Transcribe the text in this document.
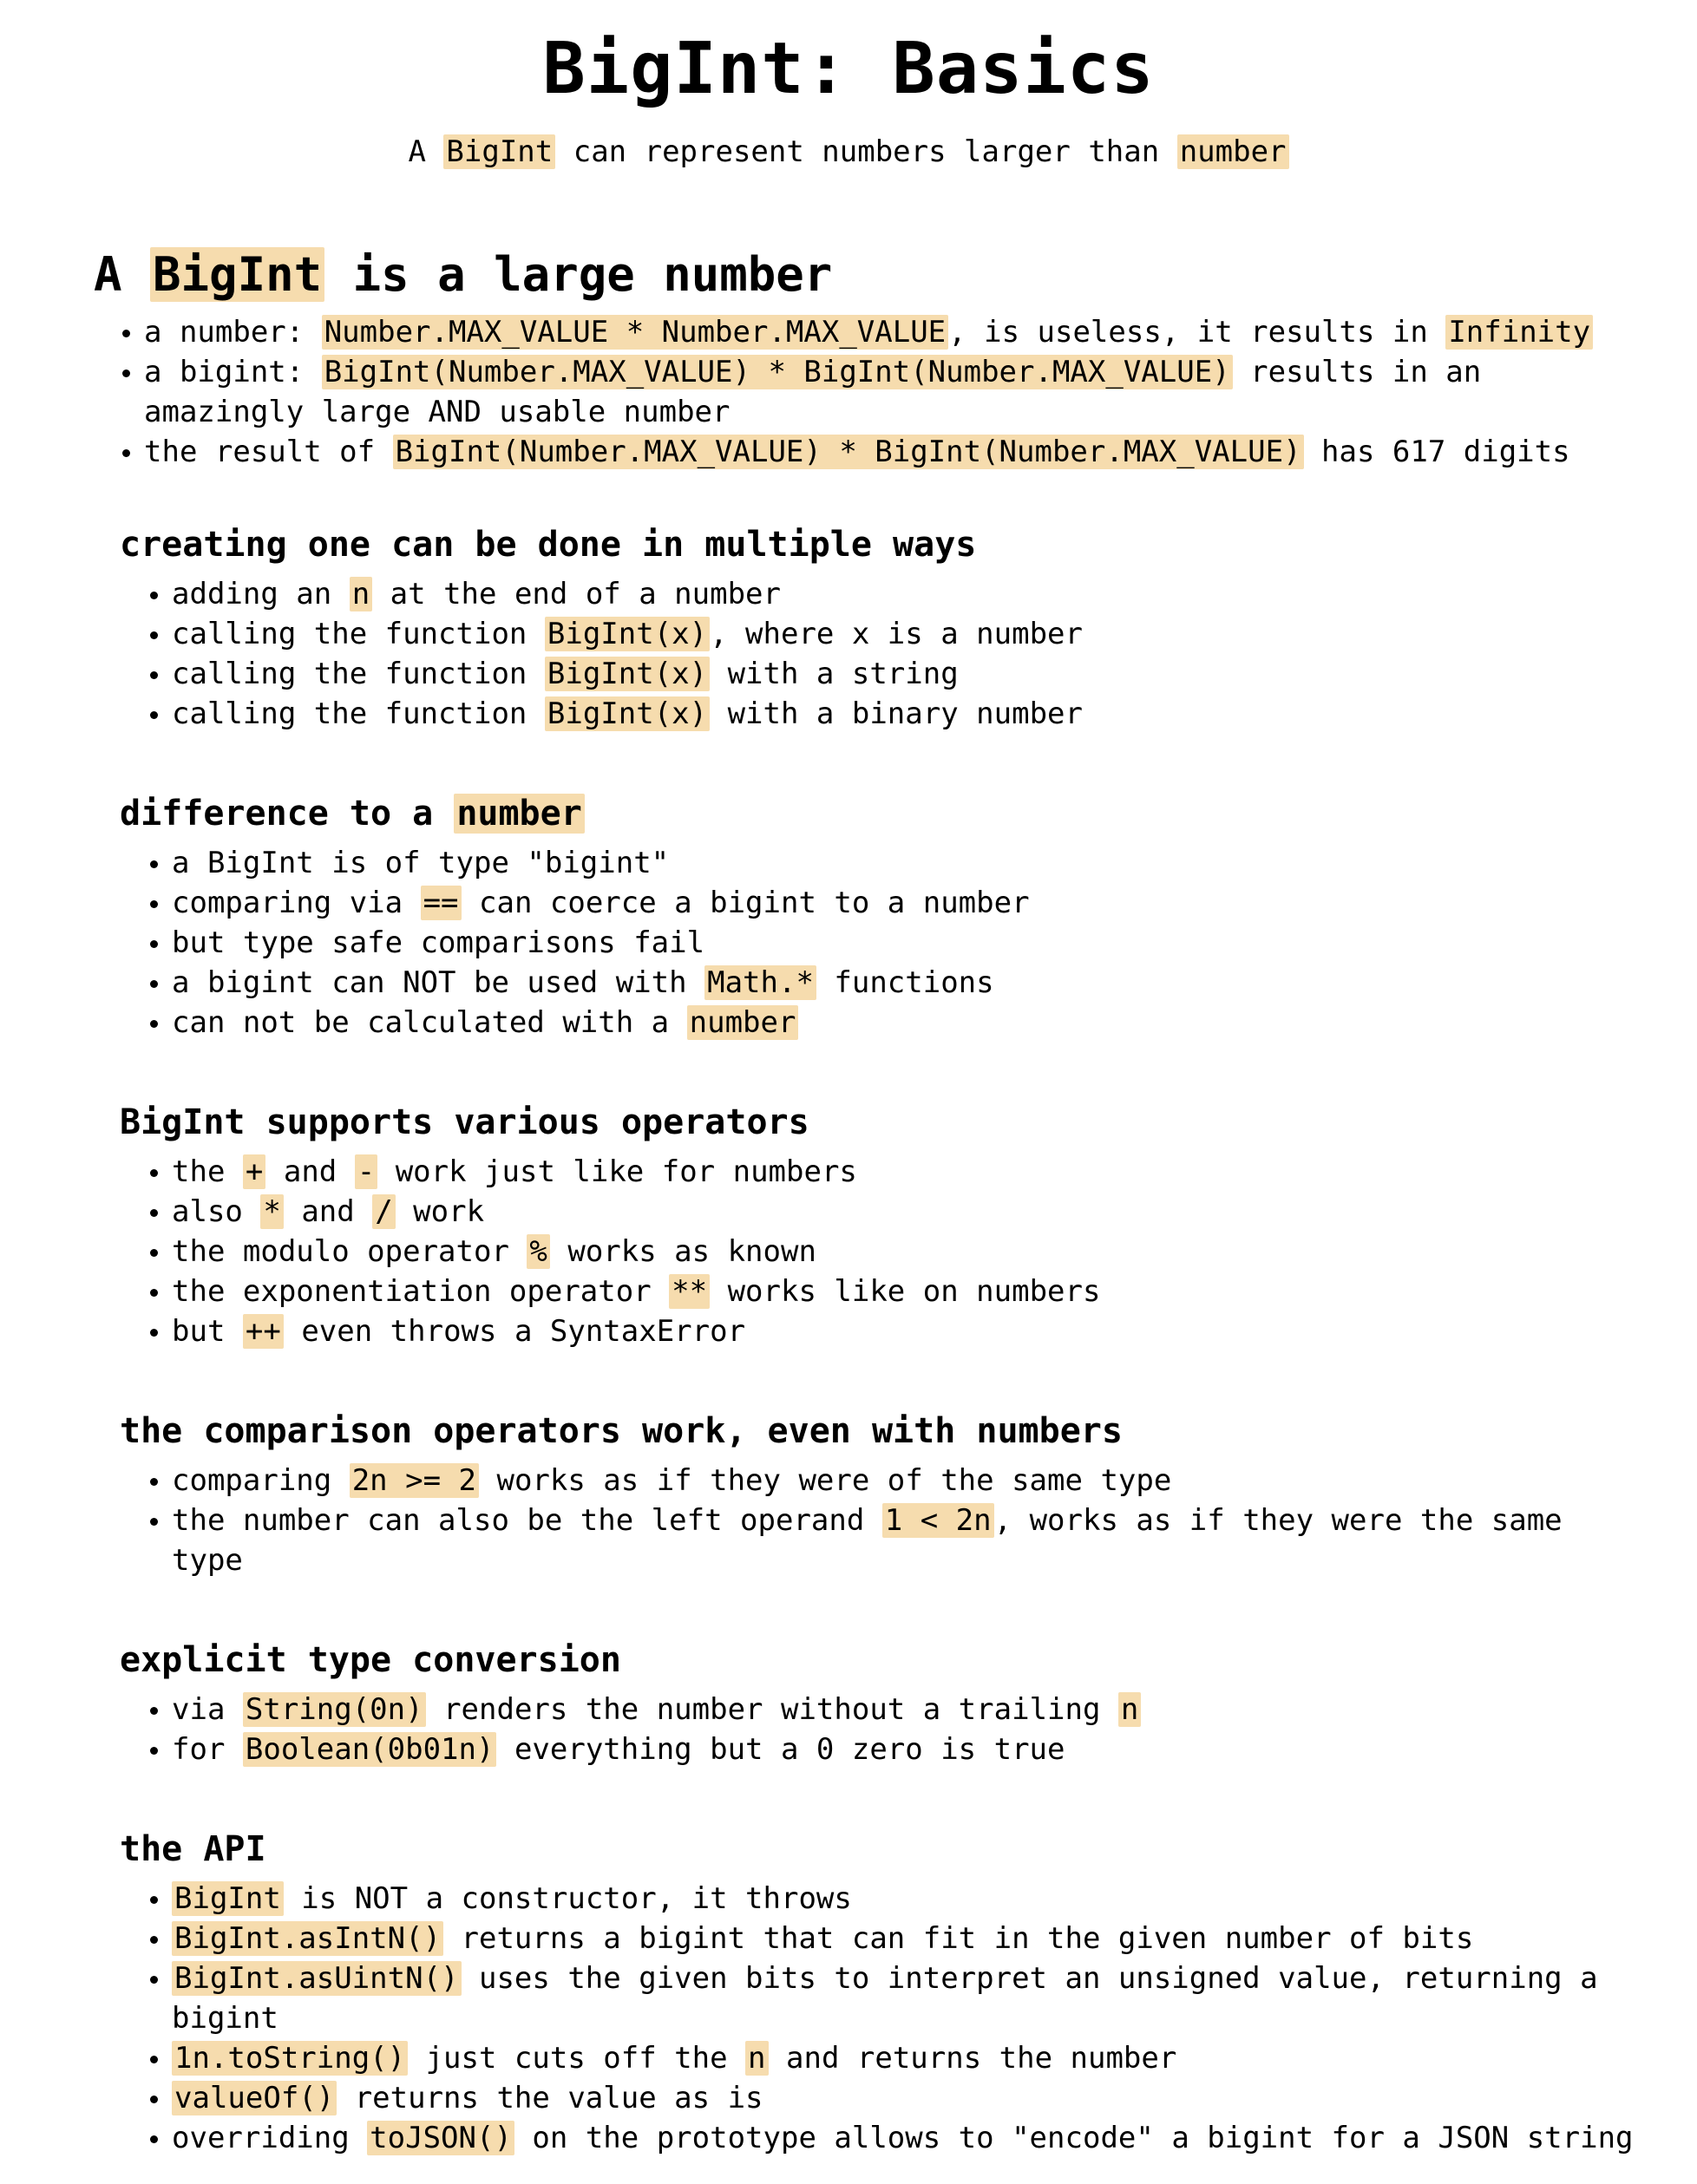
BigInt: Basics
A BigInt can represent numbers larger than number
A BigInt is a large number
• a number: Number.MAX_VALUE * Number.MAX_VALUE, is useless, it results in Infinity
• a bigint: BigInt(Number.MAX_VALUE) * BigInt(Number.MAX_VALUE) results in an amazingly large AND usable number
• the result of BigInt(Number.MAX_VALUE) * BigInt(Number.MAX_VALUE) has 617 digits
creating one can be done in multiple ways
• adding an n at the end of a number
• calling the function BigInt(x), where x is a number
• calling the function BigInt(x) with a string
• calling the function BigInt(x) with a binary number
difference to a number
• a BigInt is of type "bigint"
• comparing via == can coerce a bigint to a number
• but type safe comparisons fail
• a bigint can NOT be used with Math.* functions
• can not be calculated with a number
BigInt supports various operators
• the + and - work just like for numbers
• also * and / work
• the modulo operator % works as known
• the exponentiation operator ** works like on numbers
• but ++ even throws a SyntaxError
the comparison operators work, even with numbers
• comparing 2n >= 2 works as if they were of the same type
• the number can also be the left operand 1 < 2n, works as if they were the same type
explicit type conversion
• via String(0n) renders the number without a trailing n
• for Boolean(0b01n) everything but a 0 zero is true
the API
• BigInt is NOT a constructor, it throws
• BigInt.asIntN() returns a bigint that can fit in the given number of bits
• BigInt.asUintN() uses the given bits to interpret an unsigned value, returning a bigint
• 1n.toString() just cuts off the n and returns the number
• valueOf() returns the value as is
• overriding toJSON() on the prototype allows to "encode" a bigint for a JSON string
